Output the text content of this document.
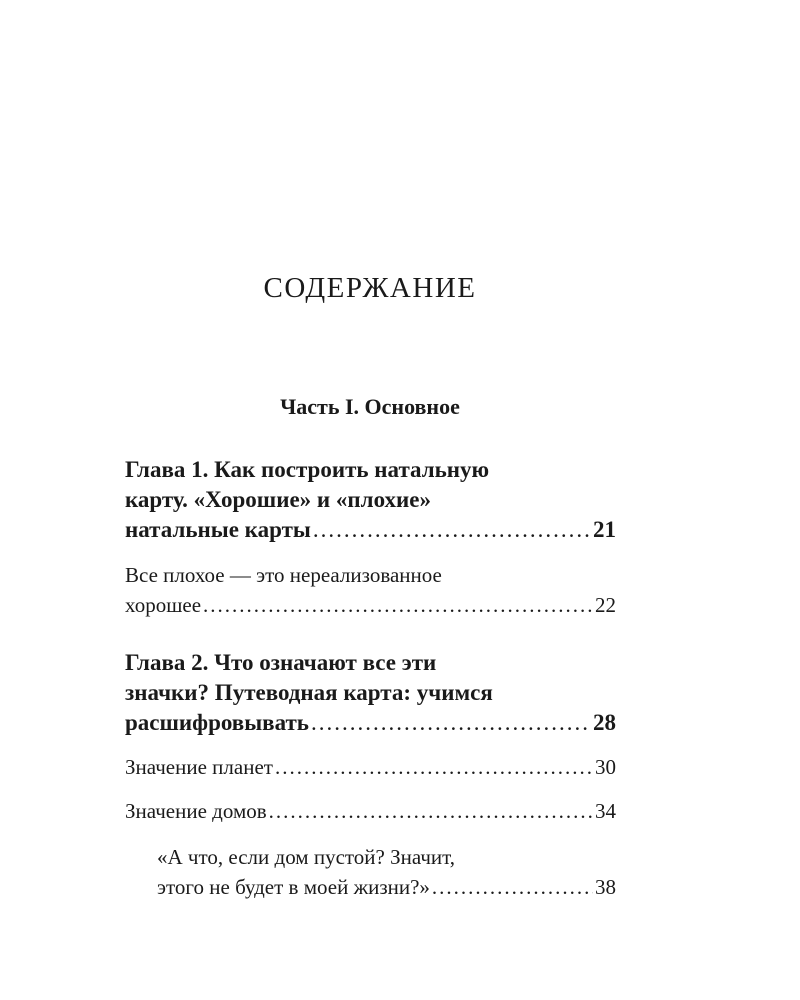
СОДЕРЖАНИЕ
Часть I. Основное
Глава 1. Как построить натальную
карту. «Хорошие» и «плохие»
натальные карты .....	21
Все плохое — это нереализованное
хорошее .....	22
Глава 2. Что означают все эти
значки? Путеводная карта: учимся
расшифровывать .....	28
Значение планет .....	30
Значение домов .....	34
«А что, если дом пустой? Значит,
этого не будет в моей жизни?» .....	38
